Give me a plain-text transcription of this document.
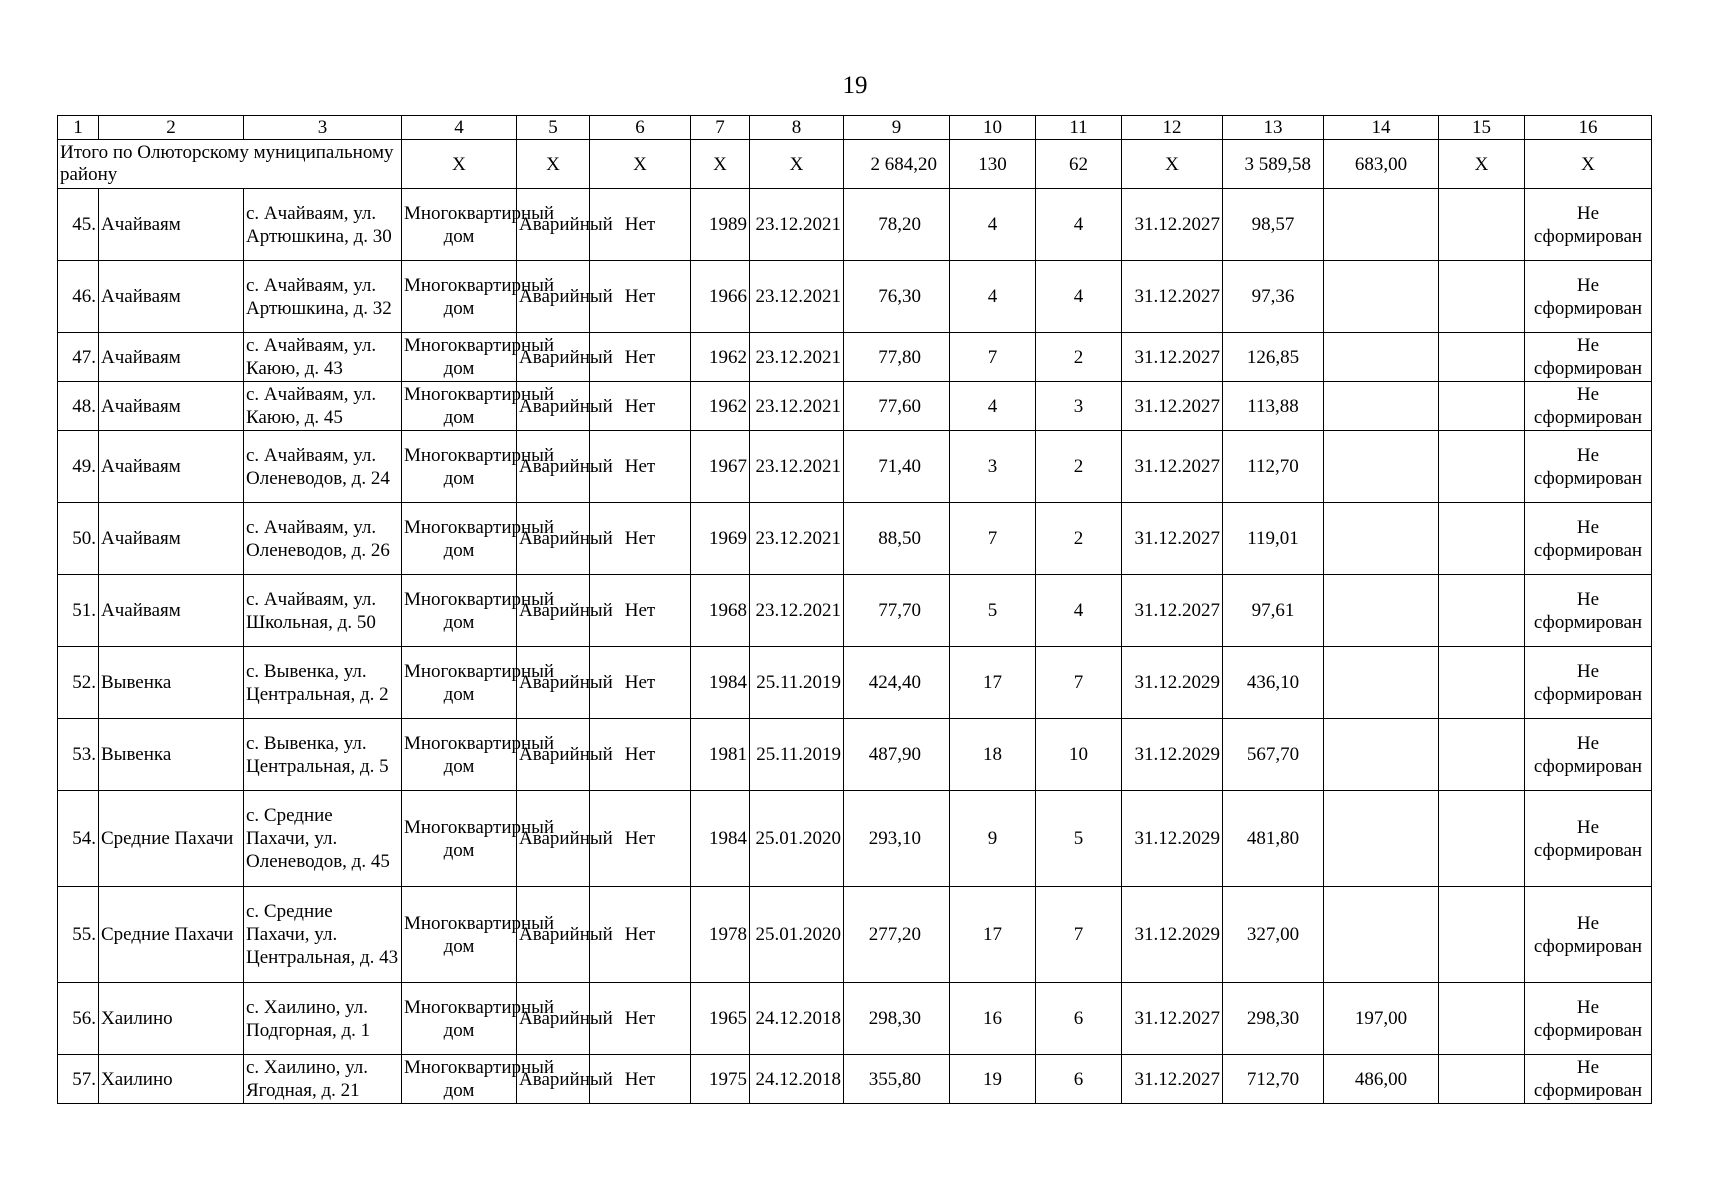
19
1	2	3	4	5	6	7	8	9	10	11	12	13	14	15	16
Итого по Олюторскому муниципальному району			X	X	X	X	X	2 684,20	130	62	X	3 589,58	683,00	X	X
45.	Ачайваям	с. Ачайваям, ул. Артюшкина, д. 30	Многоквартирный дом	Аварийный	Нет	1989	23.12.2021	78,20	4	4	31.12.2027	98,57			Не сформирован
46.	Ачайваям	с. Ачайваям, ул. Артюшкина, д. 32	Многоквартирный дом	Аварийный	Нет	1966	23.12.2021	76,30	4	4	31.12.2027	97,36			Не сформирован
47.	Ачайваям	с. Ачайваям, ул. Каюю, д. 43	Многоквартирный дом	Аварийный	Нет	1962	23.12.2021	77,80	7	2	31.12.2027	126,85			Не сформирован
48.	Ачайваям	с. Ачайваям, ул. Каюю, д. 45	Многоквартирный дом	Аварийный	Нет	1962	23.12.2021	77,60	4	3	31.12.2027	113,88			Не сформирован
49.	Ачайваям	с. Ачайваям, ул. Оленеводов, д. 24	Многоквартирный дом	Аварийный	Нет	1967	23.12.2021	71,40	3	2	31.12.2027	112,70			Не сформирован
50.	Ачайваям	с. Ачайваям, ул. Оленеводов, д. 26	Многоквартирный дом	Аварийный	Нет	1969	23.12.2021	88,50	7	2	31.12.2027	119,01			Не сформирован
51.	Ачайваям	с. Ачайваям, ул. Школьная, д. 50	Многоквартирный дом	Аварийный	Нет	1968	23.12.2021	77,70	5	4	31.12.2027	97,61			Не сформирован
52.	Вывенка	с. Вывенка, ул. Центральная, д. 2	Многоквартирный дом	Аварийный	Нет	1984	25.11.2019	424,40	17	7	31.12.2029	436,10			Не сформирован
53.	Вывенка	с. Вывенка, ул. Центральная, д. 5	Многоквартирный дом	Аварийный	Нет	1981	25.11.2019	487,90	18	10	31.12.2029	567,70			Не сформирован
54.	Средние Пахачи	с. Средние Пахачи, ул. Оленеводов, д. 45	Многоквартирный дом	Аварийный	Нет	1984	25.01.2020	293,10	9	5	31.12.2029	481,80			Не сформирован
55.	Средние Пахачи	с. Средние Пахачи, ул. Центральная, д. 43	Многоквартирный дом	Аварийный	Нет	1978	25.01.2020	277,20	17	7	31.12.2029	327,00			Не сформирован
56.	Хаилино	с. Хаилино, ул. Подгорная, д. 1	Многоквартирный дом	Аварийный	Нет	1965	24.12.2018	298,30	16	6	31.12.2027	298,30	197,00		Не сформирован
57.	Хаилино	с. Хаилино, ул. Ягодная, д. 21	Многоквартирный дом	Аварийный	Нет	1975	24.12.2018	355,80	19	6	31.12.2027	712,70	486,00		Не сформирован
